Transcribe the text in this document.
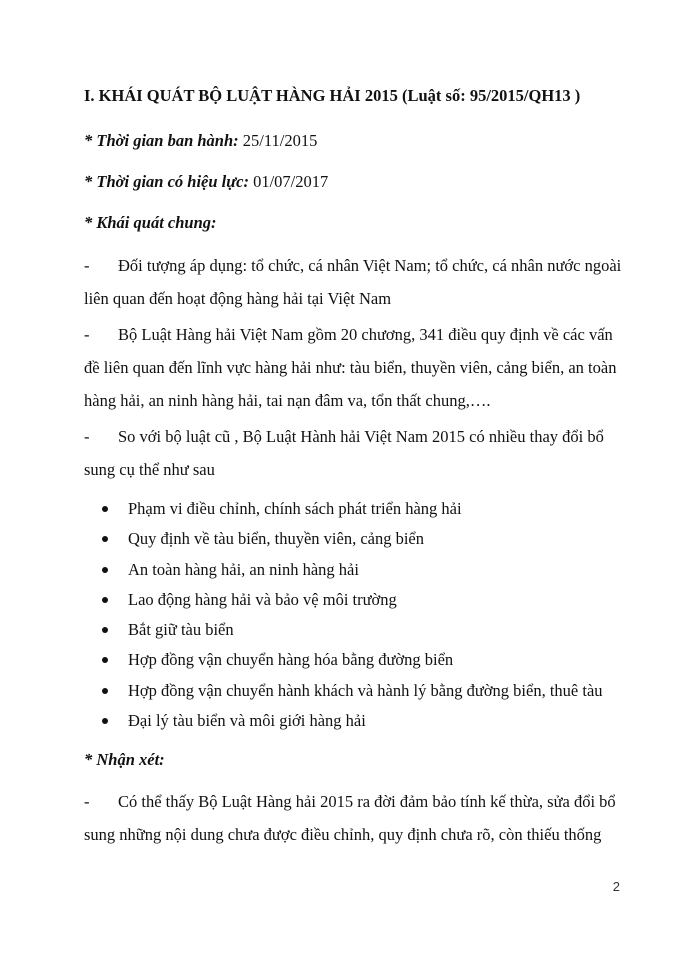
I. KHÁI QUÁT BỘ LUẬT HÀNG HẢI 2015 (Luật số: 95/2015/QH13 )
* Thời gian ban hành: 25/11/2015
* Thời gian có hiệu lực: 01/07/2017
* Khái quát chung:
- Đối tượng áp dụng: tổ chức, cá nhân Việt Nam; tổ chức, cá nhân nước ngoài
liên quan đến hoạt động hàng hải tại Việt Nam
- Bộ Luật Hàng hải Việt Nam gồm 20 chương, 341 điều quy định về các vấn
đề liên quan đến lĩnh vực hàng hải như: tàu biển, thuyền viên, cảng biển, an toàn
hàng hải, an ninh hàng hải, tai nạn đâm va, tổn thất chung,….
- So với bộ luật cũ , Bộ Luật Hành hải Việt Nam 2015 có nhiều thay đổi bổ
sung cụ thể như sau
Phạm vi điều chỉnh, chính sách phát triển hàng hải
Quy định về tàu biển, thuyền viên, cảng biển
An toàn hàng hải, an ninh hàng hải
Lao động hàng hải và bảo vệ môi trường
Bắt giữ tàu biển
Hợp đồng vận chuyển hàng hóa bằng đường biển
Hợp đồng vận chuyển hành khách và hành lý bằng đường biển, thuê tàu
Đại lý tàu biển và môi giới hàng hải
* Nhận xét:
- Có thể thấy Bộ Luật Hàng hải 2015 ra đời đảm bảo tính kế thừa, sửa đổi bổ
sung những nội dung chưa được điều chỉnh, quy định chưa rõ, còn thiếu thống
2
